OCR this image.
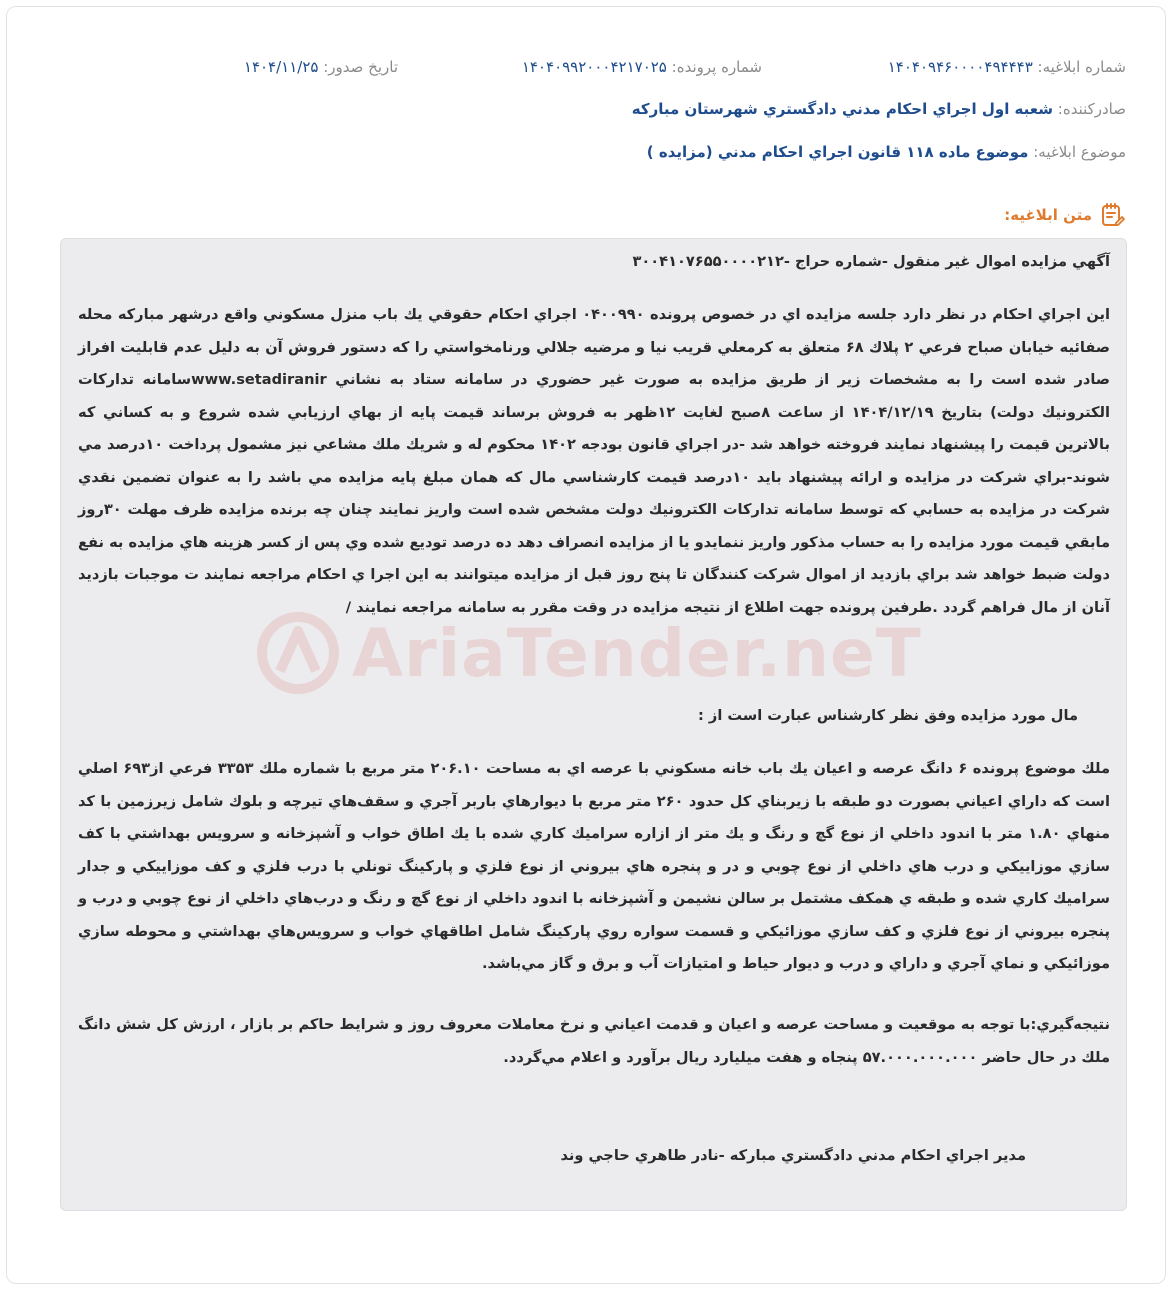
شماره ابلاغیه: ۱۴۰۴۰۹۴۶۰۰۰۰۴۹۴۴۴۳
شماره پرونده: ۱۴۰۴۰۹۹۲۰۰۰۴۲۱۷۰۲۵
تاریخ صدور: ۱۴۰۴/۱۱/۲۵
صادرکننده: شعبه اول اجراي احكام مدني دادگستري شهرستان مباركه
موضوع ابلاغیه: موضوع ماده ۱۱۸ قانون اجراي احكام مدني (مزايده )
متن ابلاغیه:
AriaTender.neT

آگهي مزايده اموال غير منقول -شماره حراج -۳۰۰۴۱۰۷۶۵۵۰۰۰۰۲۱۲

اين اجراي احكام در نظر دارد جلسه مزايده اي در خصوص پرونده ۰۴۰۰۹۹۰ اجراي احكام حقوقي يك باب منزل مسكوني واقع درشهر مباركه محله صفائيه خيابان صباح فرعي ۲ پلاك ۶۸ متعلق به كرمعلي قريب نيا و مرضيه جلالي ورنامخواستي را كه دستور فروش آن به دليل عدم قابليت افراز صادر شده است را به مشخصات زير از طريق مزايده به صورت غير حضوري در سامانه ستاد به نشاني www.setadiranirسامانه تداركات الكترونيك دولت) بتاريخ ۱۴۰۴/۱۲/۱۹ از ساعت ۸صبح لغايت ۱۲ظهر به فروش برساند قيمت پايه از بهاي ارزيابي شده شروع و به كساني كه بالاترين قيمت را پيشنهاد نمايند فروخته خواهد شد -در اجراي قانون بودجه ۱۴۰۲ محكوم له و شريك ملك مشاعي نيز مشمول پرداخت ۱۰درصد مي شوند-براي شركت در مزايده و ارائه پيشنهاد بايد ۱۰درصد قيمت كارشناسي مال كه همان مبلغ پايه مزايده مي باشد را به عنوان تضمين نقدي شركت در مزايده به حسابي كه توسط سامانه تداركات الكترونيك دولت مشخص شده است واريز نمايند چنان چه برنده مزايده ظرف مهلت ۳۰روز مابقي قيمت مورد مزايده را به حساب مذكور واريز ننمايدو يا از مزايده انصراف دهد ده درصد توديع شده وي پس از كسر هزينه هاي مزايده به نفع دولت ضبط خواهد شد براي بازديد از اموال شركت كنندگان تا پنج روز قبل از مزايده ميتوانند به اين اجرا ي احكام مراجعه نمايند ت موجبات بازديد آنان از مال فراهم گردد .طرفين پرونده جهت اطلاع از نتيجه مزايده در وقت مقرر به سامانه مراجعه نمايند /

مال مورد مزايده وفق نظر كارشناس عبارت است از :

ملك موضوع پرونده ۶ دانگ عرصه و اعيان يك باب خانه مسكوني با عرصه اي به مساحت ۲۰۶.۱۰ متر مربع با شماره ملك ۳۳۵۳ فرعي از۶۹۳ اصلي است كه داراي اعياني بصورت دو طبقه با زيربناي كل حدود ۲۶۰ متر مربع با ديوارهاي باربر آجري و سقف‌هاي تيرچه و بلوك شامل زيرزمين با كد منهاي ۱.۸۰ متر با اندود داخلي از نوع گچ و رنگ و يك متر از ازاره سراميك كاري شده با يك اطاق خواب و آشپزخانه و سرويس بهداشتي با كف سازي موزاييكي و درب هاي داخلي از نوع چوبي و در و پنجره هاي بيروني از نوع فلزي و پاركينگ تونلي با درب فلزي و كف موزاييكي و جدار سراميك كاري شده و طبقه ي همكف مشتمل بر سالن نشيمن و آشپزخانه با اندود داخلي از نوع گچ و رنگ و درب‌هاي داخلي از نوع چوبي و درب و پنجره بيروني از نوع فلزي و كف سازي موزائيكي و قسمت سواره روي پاركينگ شامل اطاقهاي خواب و سرويس‌هاي بهداشتي و محوطه سازي موزائيكي و نماي آجري و داراي و درب و ديوار حياط و امتيازات آب و برق و گاز مي‌باشد.

نتيجه‌گيري:با توجه به موقعيت و مساحت عرصه و اعيان و قدمت اعياني و نرخ معاملات معروف روز و شرايط حاكم بر بازار ، ارزش كل شش دانگ ملك در حال حاضر ۵۷.۰۰۰.۰۰۰.۰۰۰ پنجاه و هفت ميليارد ريال برآورد و اعلام مي‌گردد.

مدير اجراي احكام مدني دادگستري مباركه -نادر طاهري حاجي وند
